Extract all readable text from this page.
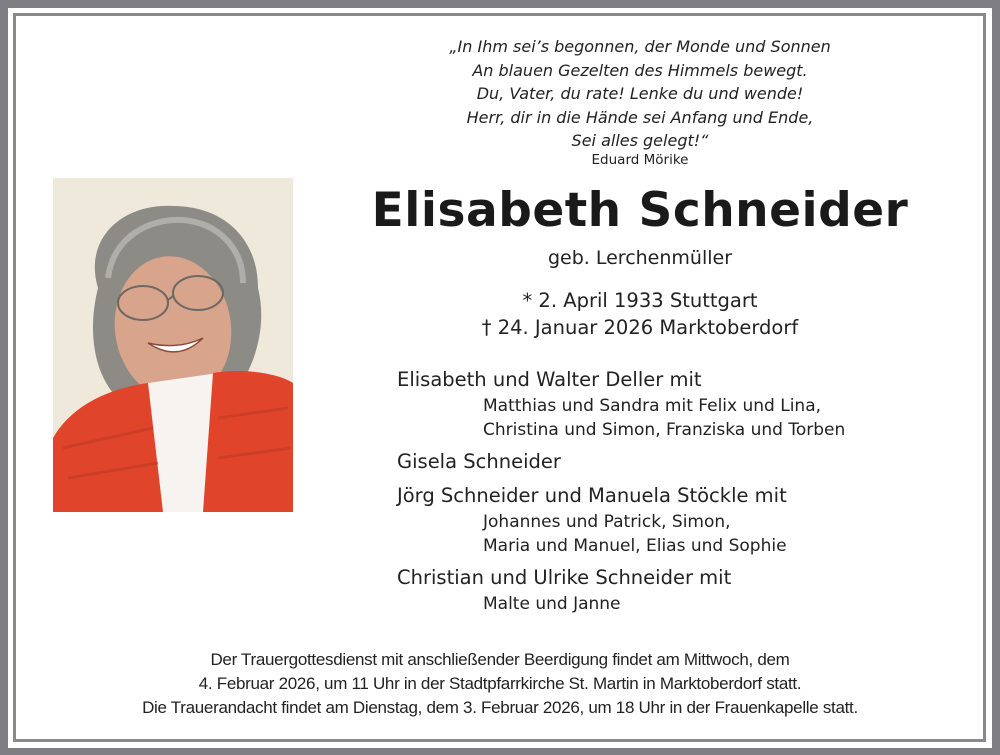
„In Ihm sei’s begonnen, der Monde und Sonnen
An blauen Gezelten des Himmels bewegt.
Du, Vater, du rate! Lenke du und wende!
Herr, dir in die Hände sei Anfang und Ende,
Sei alles gelegt!“
Eduard Mörike
Elisabeth Schneider
geb. Lerchenmüller
* 2. April 1933 Stuttgart
† 24. Januar 2026 Marktoberdorf
Elisabeth und Walter Deller mit
Matthias und Sandra mit Felix und Lina,
Christina und Simon, Franziska und Torben
Gisela Schneider
Jörg Schneider und Manuela Stöckle mit
Johannes und Patrick, Simon,
Maria und Manuel, Elias und Sophie
Christian und Ulrike Schneider mit
Malte und Janne
Der Trauergottesdienst mit anschließender Beerdigung findet am Mittwoch, dem
4. Februar 2026, um 11 Uhr in der Stadtpfarrkirche St. Martin in Marktoberdorf statt.
Die Trauerandacht findet am Dienstag, dem 3. Februar 2026, um 18 Uhr in der Frauenkapelle statt.
